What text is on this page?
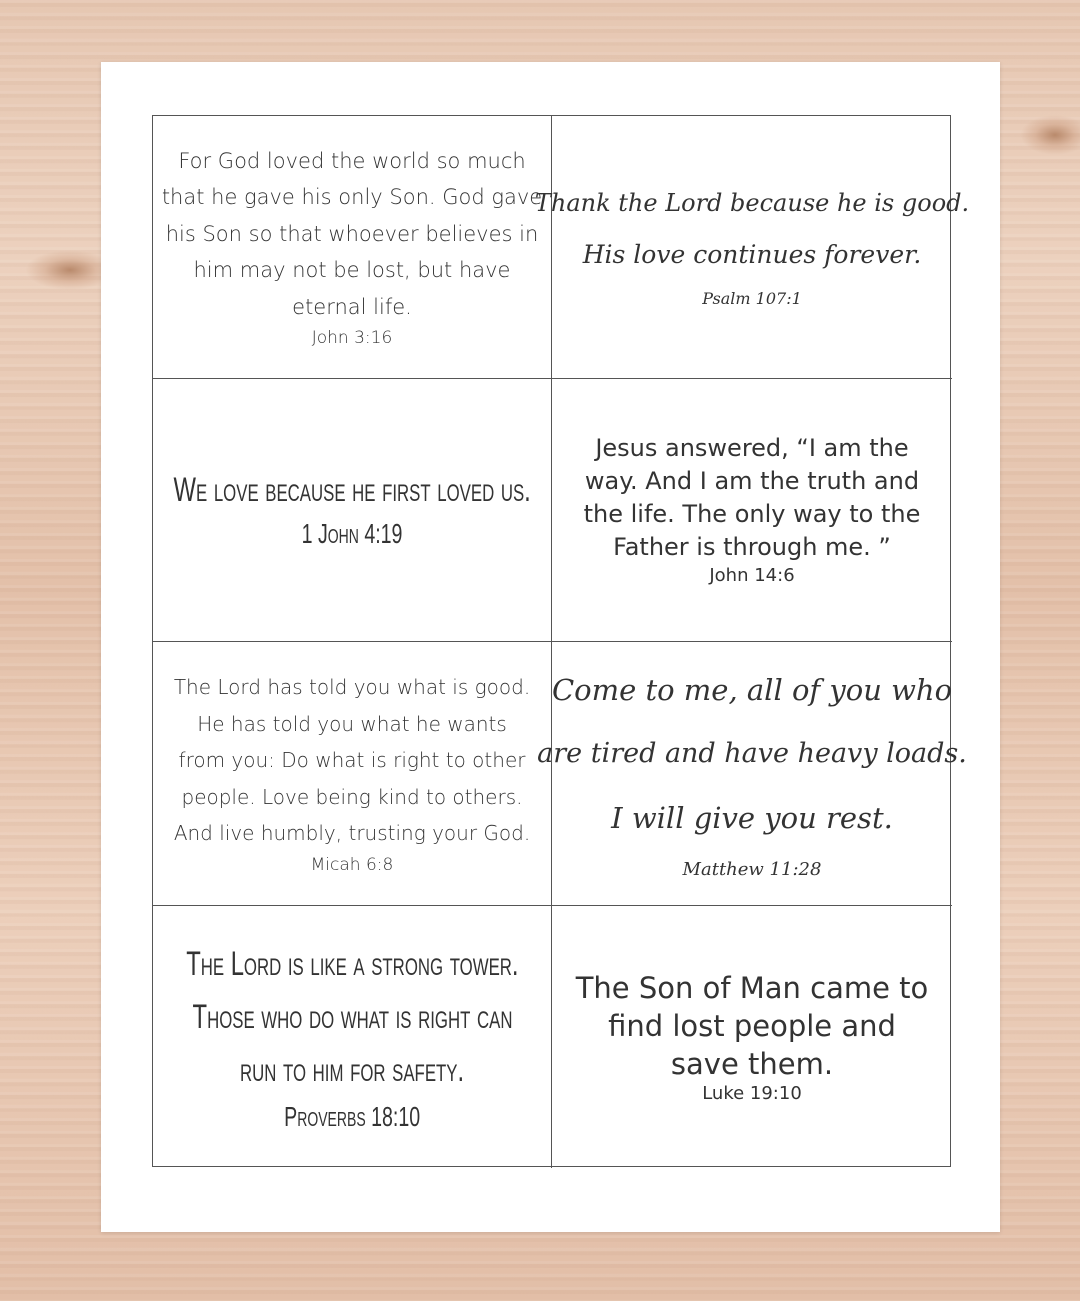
For God loved the world so much
that he gave his only Son. God gave
his Son so that whoever believes in
him may not be lost, but have
eternal life.
John 3:16
Thank the Lord because he is good.
His love continues forever.
Psalm 107:1
We love because he first loved us.
1 John 4:19
Jesus answered, “I am the
way. And I am the truth and
the life. The only way to the
Father is through me. ”
John 14:6
The Lord has told you what is good.
He has told you what he wants
from you: Do what is right to other
people. Love being kind to others.
And live humbly, trusting your God.
Micah 6:8
Come to me, all of you who
are tired and have heavy loads.
I will give you rest.
Matthew 11:28
The Lord is like a strong tower.
Those who do what is right can
run to him for safety.
Proverbs 18:10
The Son of Man came to
find lost people and
save them.
Luke 19:10
